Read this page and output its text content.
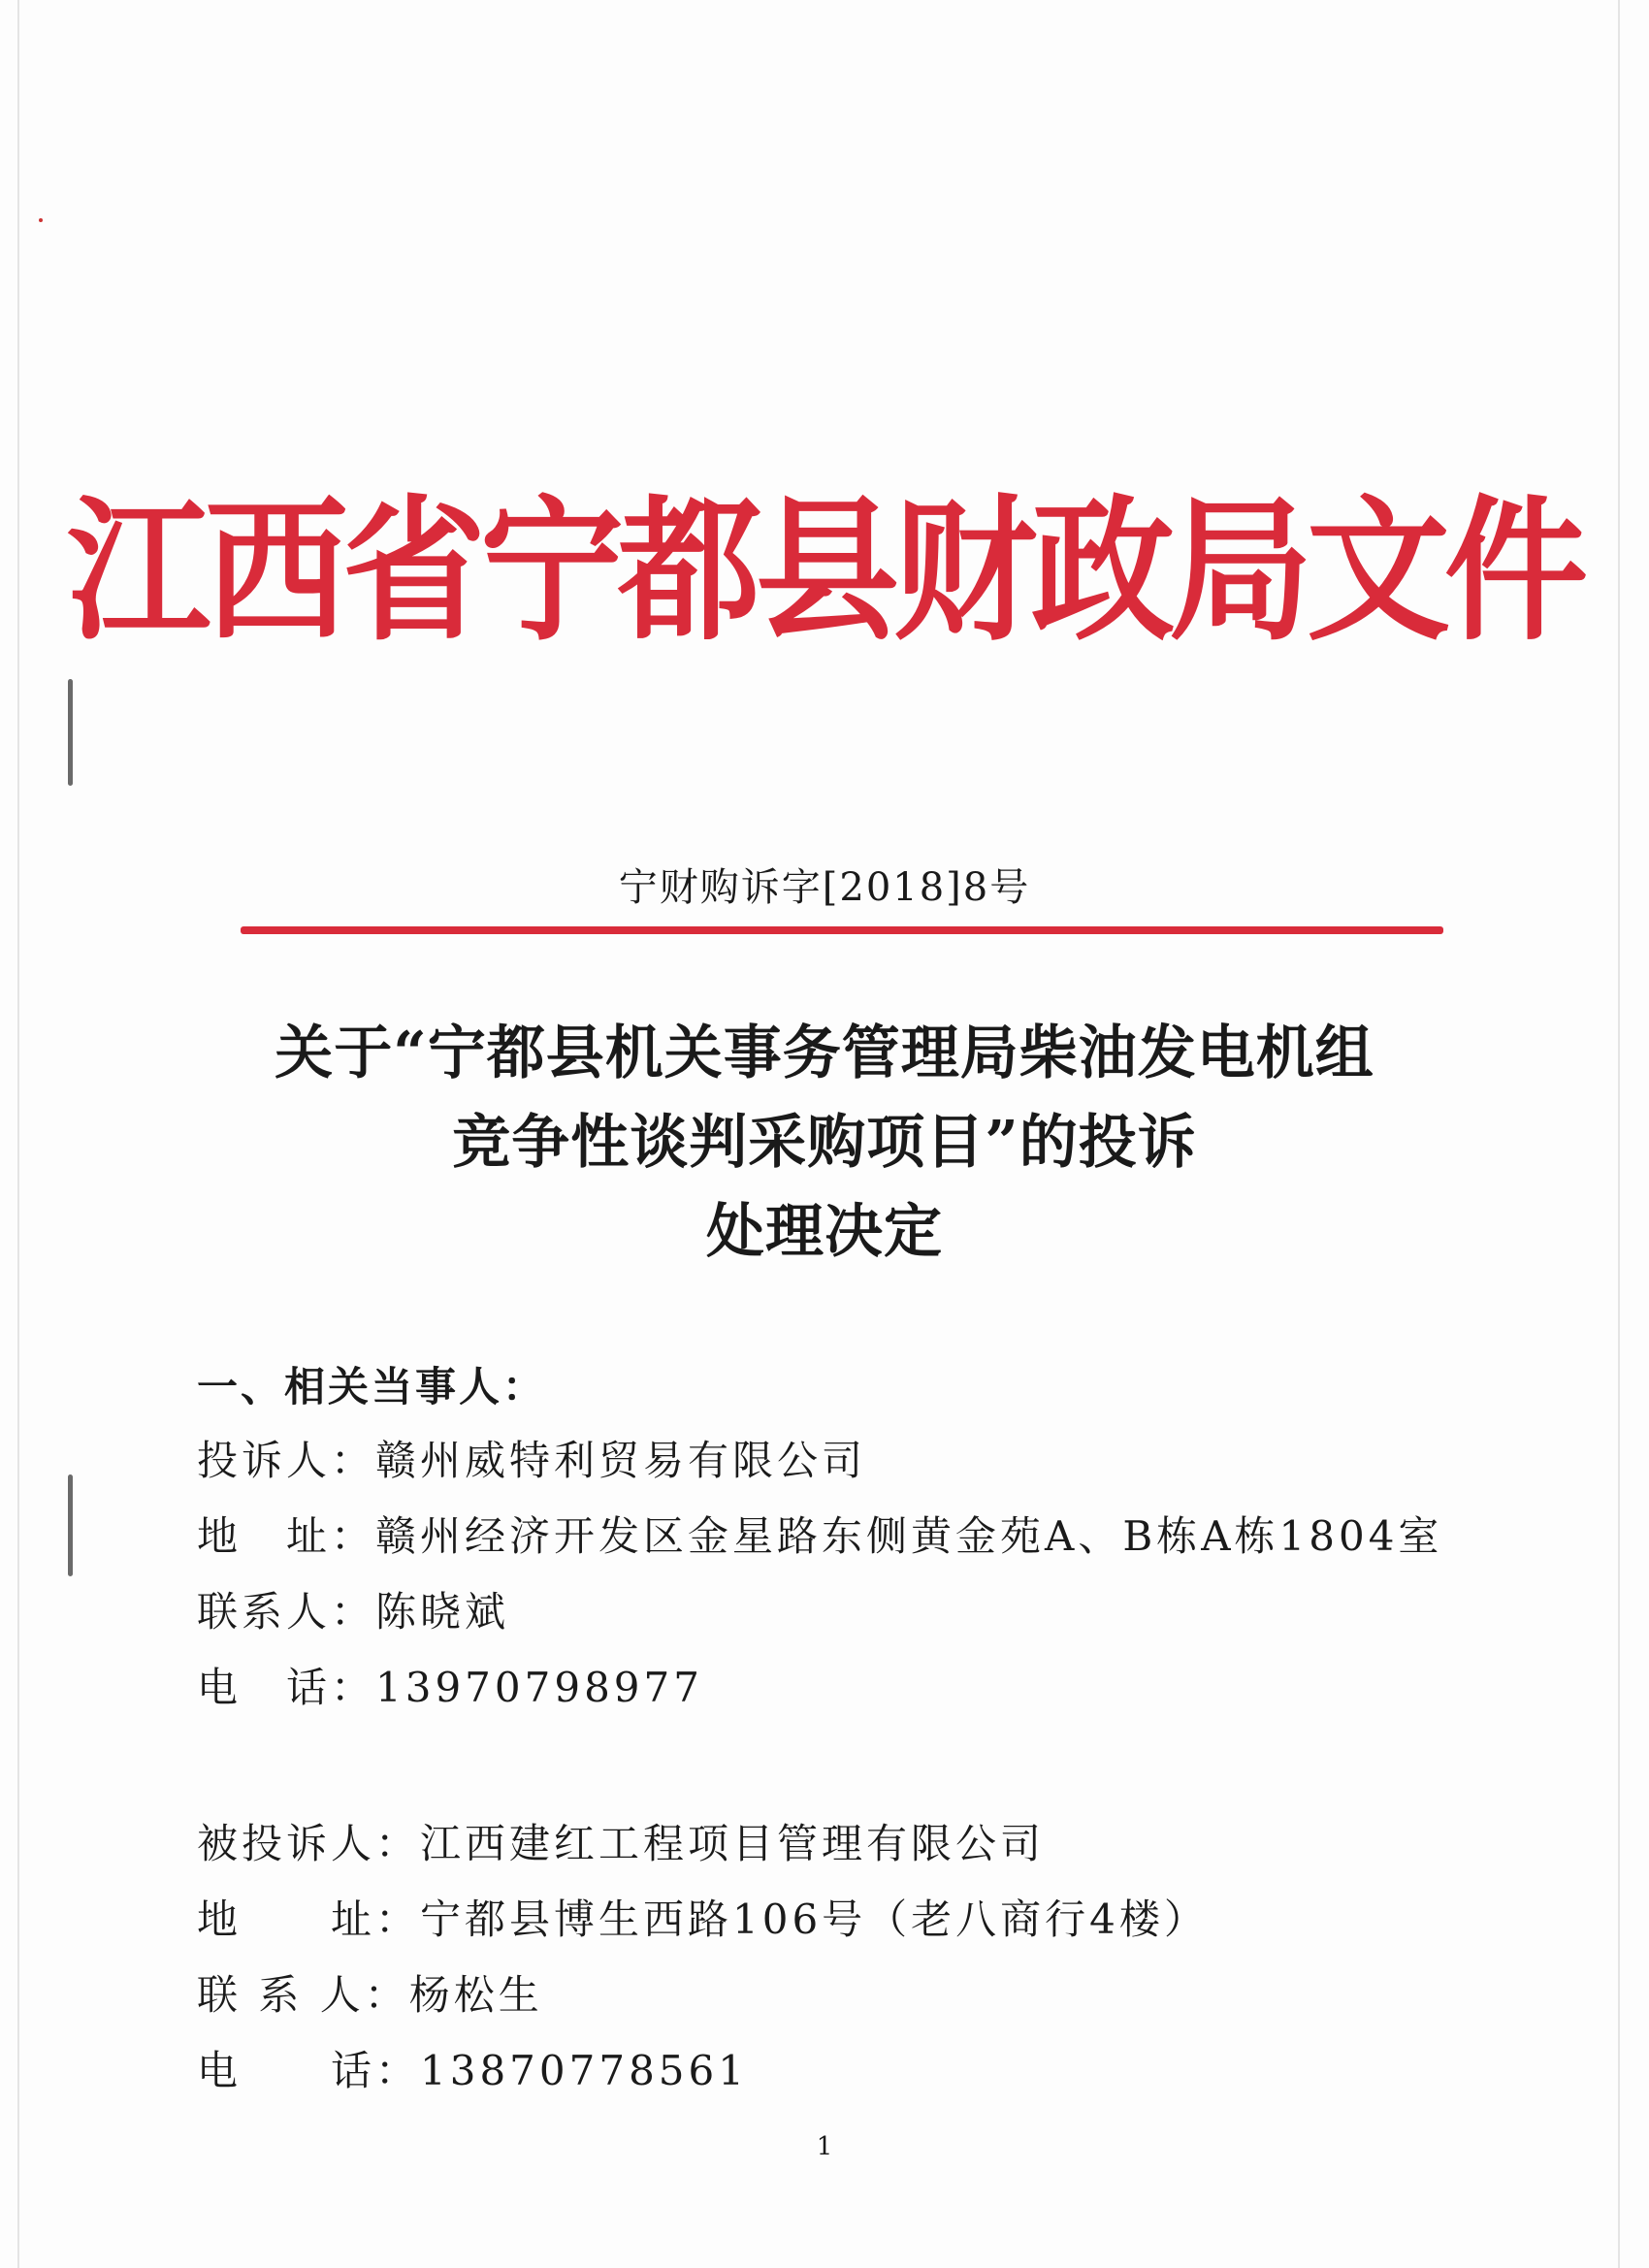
江西省宁都县财政局文件
宁财购诉字[2018]8号
关于“宁都县机关事务管理局柴油发电机组
竞争性谈判采购项目”的投诉
处理决定
一、相关当事人：
投诉人：赣州威特利贸易有限公司
地　址：赣州经济开发区金星路东侧黄金苑A、B栋A栋1804室
联系人：陈晓斌
电　话：13970798977
被投诉人：江西建红工程项目管理有限公司
地　　址：宁都县博生西路106号（老八商行4楼）
联 系 人：杨松生
电　　话：13870778561
1
